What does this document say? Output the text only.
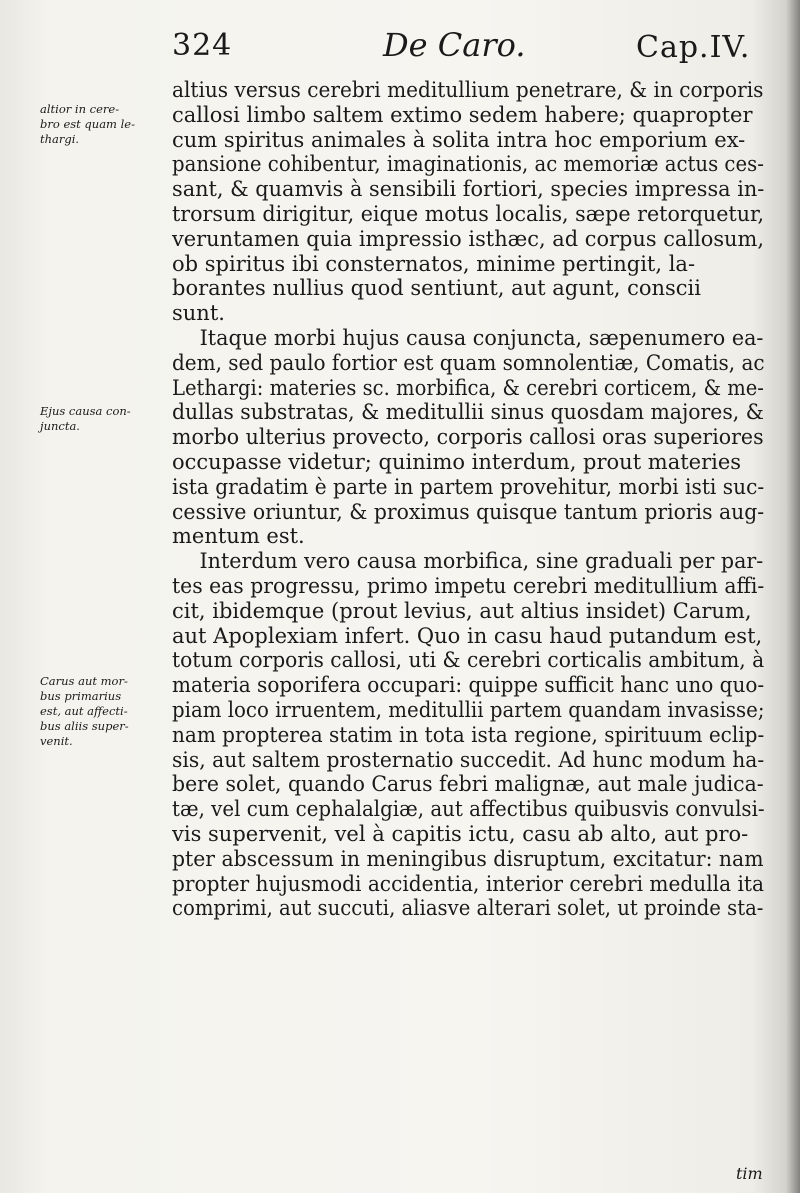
324	De Caro.	Cap.IV.
altior in cere-
bro est quam le-
thargi.
Ejus causa con-
juncta.
Carus aut mor-
bus primarius
est, aut affecti-
bus aliis super-
venit.
altius versus cerebri meditullium penetrare, & in corporis
callosi limbo saltem extimo sedem habere; quapropter
cum spiritus animales à solita intra hoc emporium ex-
pansione cohibentur, imaginationis, ac memoriæ actus ces-
sant, & quamvis à sensibili fortiori, species impressa in-
trorsum dirigitur, eique motus localis, sæpe retorquetur,
veruntamen quia impressio isthæc, ad corpus callosum,
ob spiritus ibi consternatos, minime pertingit, la-
borantes nullius quod sentiunt, aut agunt, conscii
sunt.
Itaque morbi hujus causa conjuncta, sæpenumero ea-
dem, sed paulo fortior est quam somnolentiæ, Comatis, ac
Lethargi: materies sc. morbifica, & cerebri corticem, & me-
dullas substratas, & meditullii sinus quosdam majores, &
morbo ulterius provecto, corporis callosi oras superiores
occupasse videtur; quinimo interdum, prout materies
ista gradatim è parte in partem provehitur, morbi isti suc-
cessive oriuntur, & proximus quisque tantum prioris aug-
mentum est.
Interdum vero causa morbifica, sine graduali per par-
tes eas progressu, primo impetu cerebri meditullium affi-
cit, ibidemque (prout levius, aut altius insidet) Carum,
aut Apoplexiam infert. Quo in casu haud putandum est,
totum corporis callosi, uti & cerebri corticalis ambitum, à
materia soporifera occupari: quippe sufficit hanc uno quo-
piam loco irruentem, meditullii partem quandam invasisse;
nam propterea statim in tota ista regione, spirituum eclip-
sis, aut saltem prosternatio succedit. Ad hunc modum ha-
bere solet, quando Carus febri malignæ, aut male judica-
tæ, vel cum cephalalgiæ, aut affectibus quibusvis convulsi-
vis supervenit, vel à capitis ictu, casu ab alto, aut pro-
pter abscessum in meningibus disruptum, excitatur: nam
propter hujusmodi accidentia, interior cerebri medulla ita
comprimi, aut succuti, aliasve alterari solet, ut proinde sta-
tim
